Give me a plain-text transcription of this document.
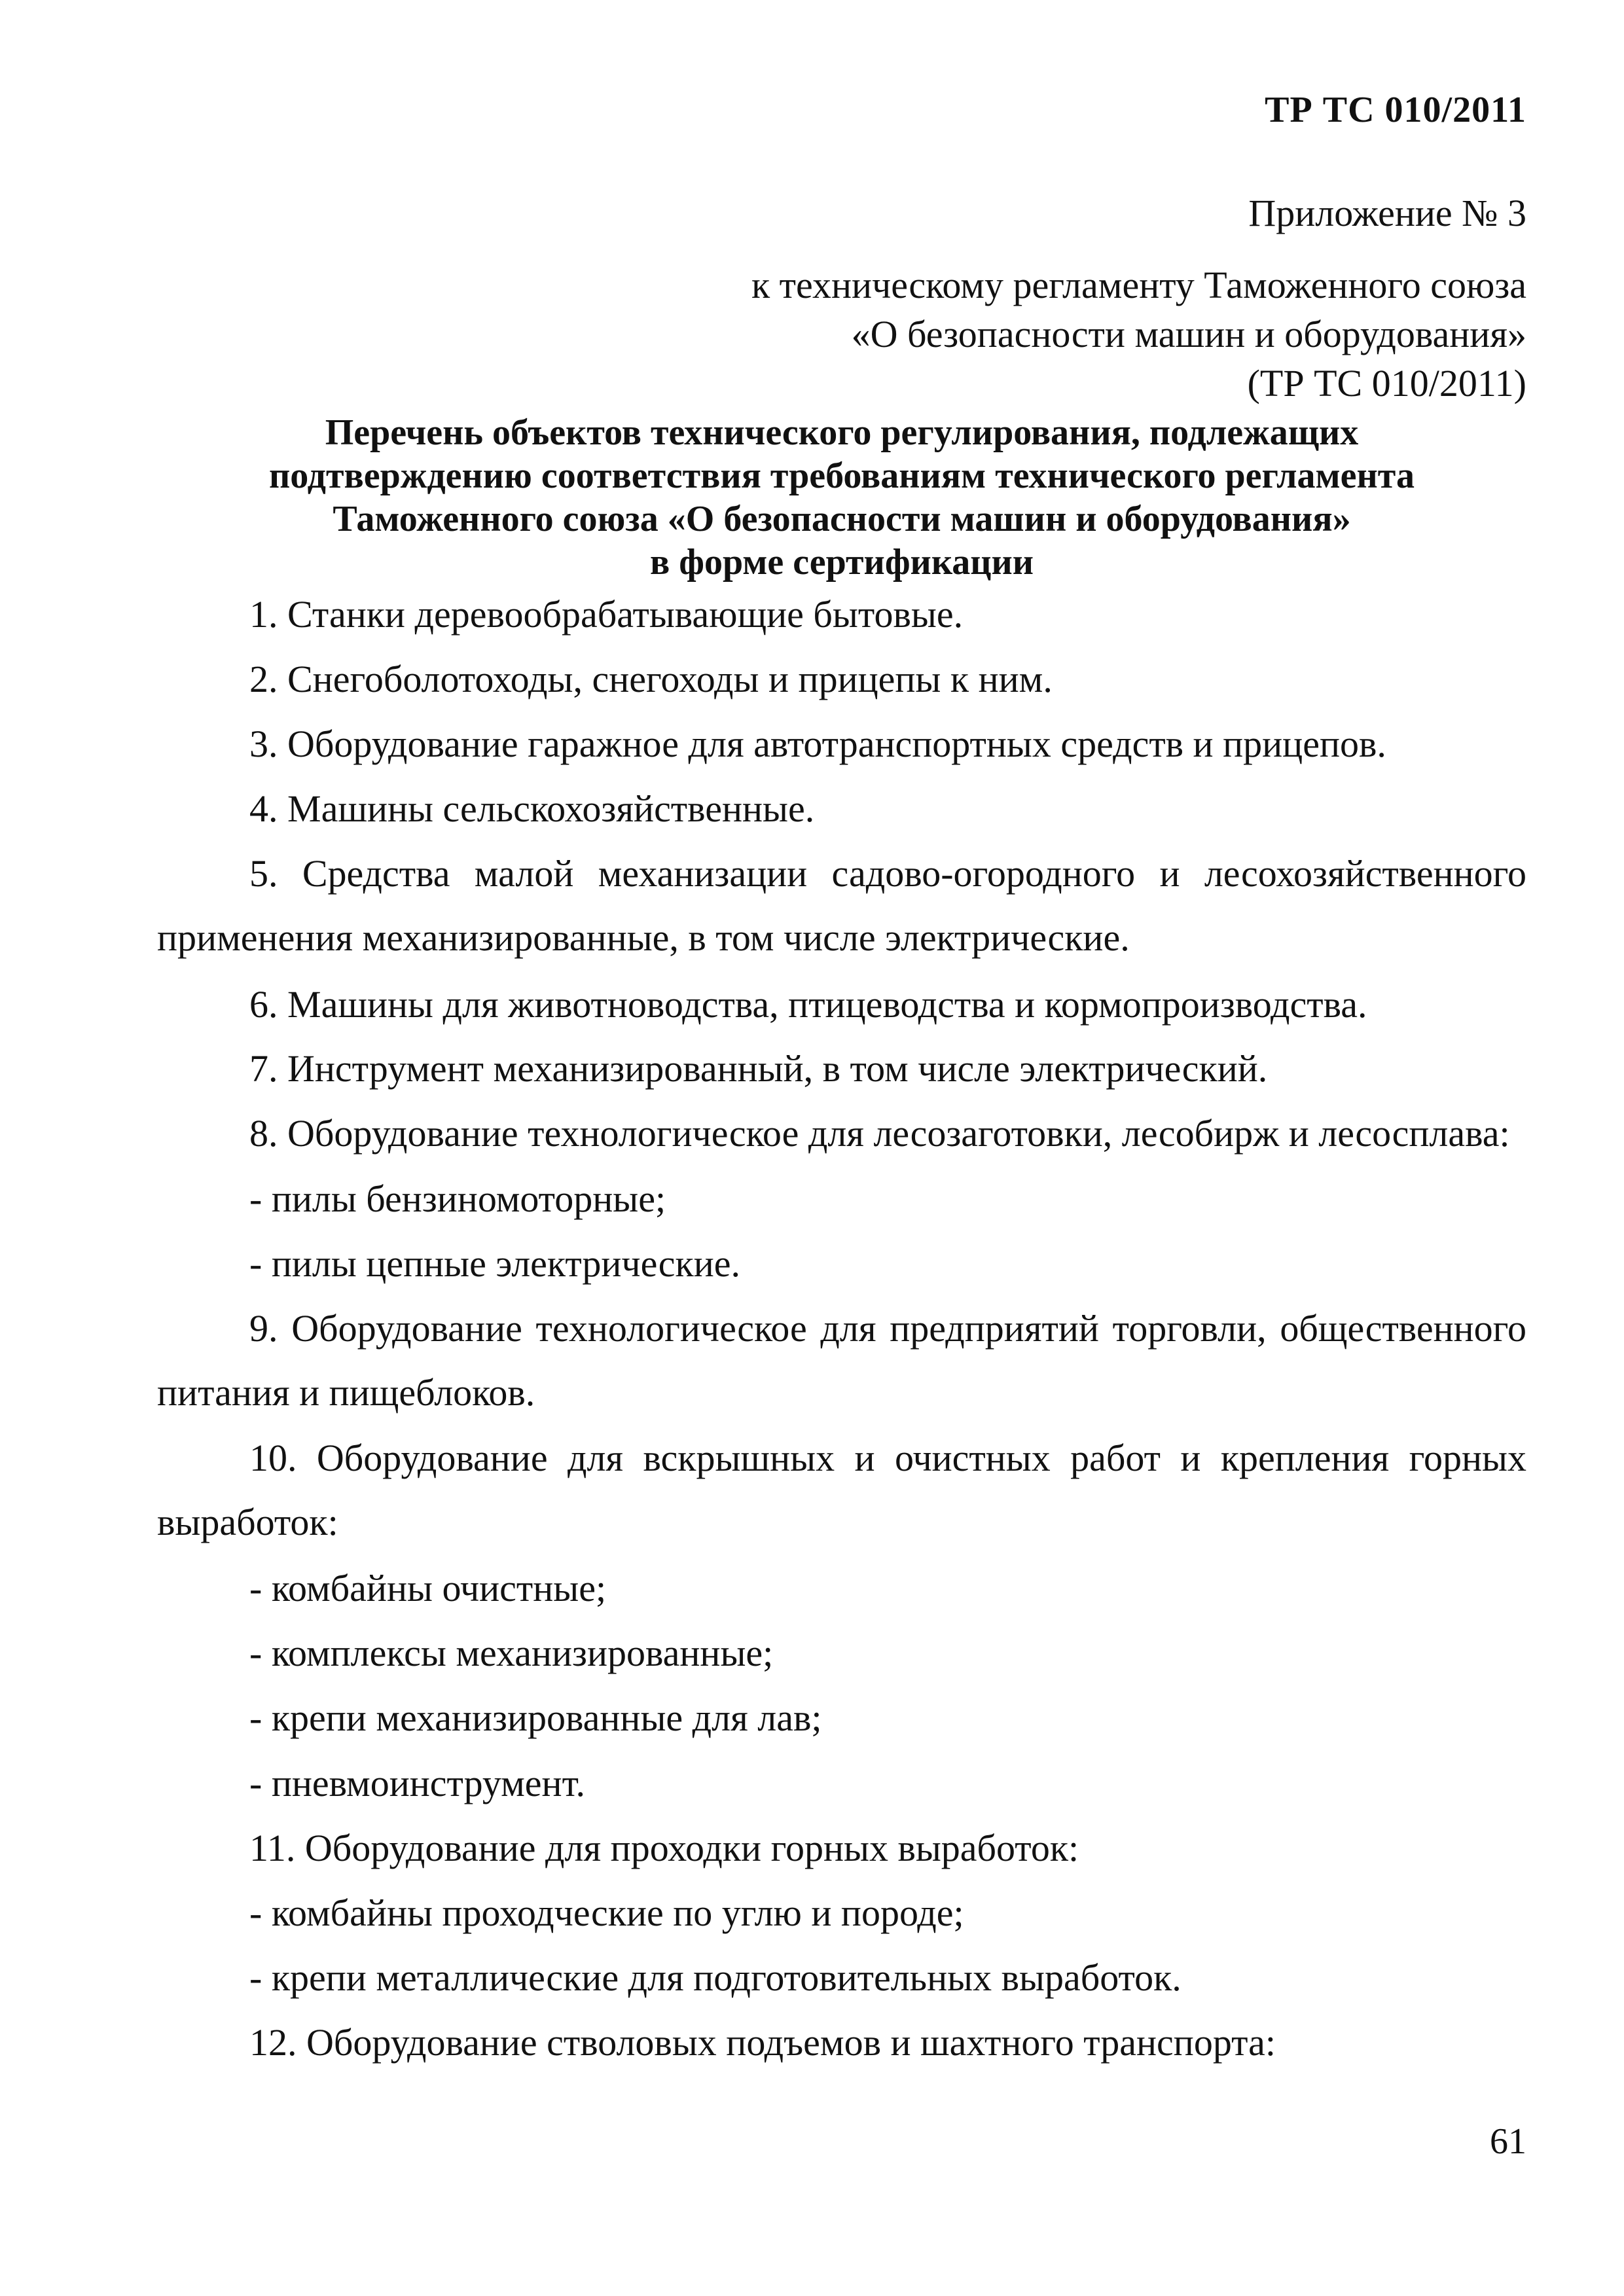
ТР ТС 010/2011
Приложение № 3
к техническому регламенту Таможенного союза
«О безопасности машин и оборудования»
(ТР ТС 010/2011)
Перечень объектов технического регулирования, подлежащих
подтверждению соответствия требованиям технического регламента
Таможенного союза «О безопасности машин и оборудования»
в форме сертификации
1. Станки деревообрабатывающие бытовые.
2. Снегоболотоходы, снегоходы и прицепы к ним.
3. Оборудование гаражное для автотранспортных средств и прицепов.
4. Машины сельскохозяйственные.
5. Средства малой механизации садово-огородного и лесохозяйственного применения механизированные, в том числе электрические.
6. Машины для животноводства, птицеводства и кормопроизводства.
7. Инструмент механизированный, в том числе электрический.
8. Оборудование технологическое для лесозаготовки, лесобирж и лесосплава:
- пилы бензиномоторные;
- пилы цепные электрические.
9. Оборудование технологическое для предприятий торговли, общественного питания и пищеблоков.
10. Оборудование для вскрышных и очистных работ и крепления горных выработок:
- комбайны очистные;
- комплексы механизированные;
- крепи механизированные для лав;
- пневмоинструмент.
11. Оборудование для проходки горных выработок:
- комбайны проходческие по углю и породе;
- крепи металлические для подготовительных выработок.
12. Оборудование стволовых подъемов и шахтного транспорта:
61
